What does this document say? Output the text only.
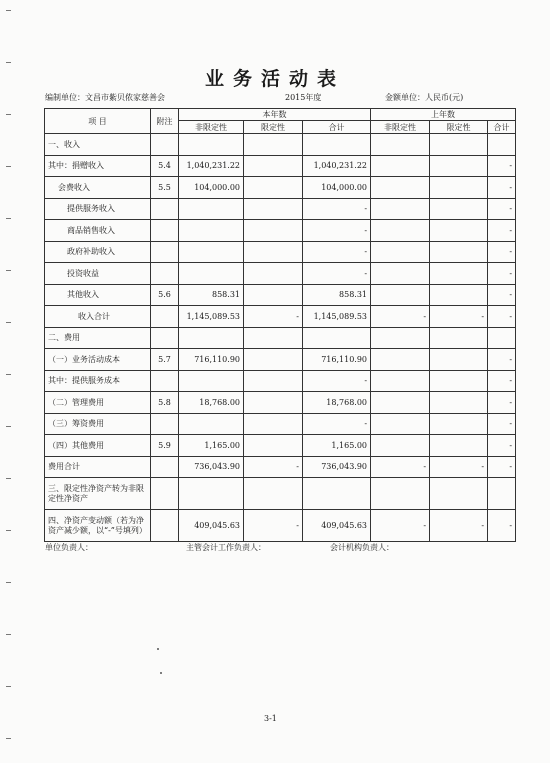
业务活动表
编制单位：文昌市紫贝侬家慈善会	2015年度	金额单位：人民币(元)
项 目	附注	本年数			上年数		
		非限定性	限定性	合计	非限定性	限定性	合计
一、收入							
其中：捐赠收入	5.4	1,040,231.22		1,040,231.22			-
会费收入	5.5	104,000.00		104,000.00			-
提供服务收入				-			-
商品销售收入				-			-
政府补助收入				-			-
投资收益				-			-
其他收入	5.6	858.31		858.31			-
收入合计		1,145,089.53	-	1,145,089.53	-	-	-
二、费用							
（一）业务活动成本	5.7	716,110.90		716,110.90			-
其中：提供服务成本				-			-
（二）管理费用	5.8	18,768.00		18,768.00			-
（三）筹资费用				-			-
（四）其他费用	5.9	1,165.00		1,165.00			-
费用合计		736,043.90	-	736,043.90	-	-	-
三、限定性净资产转为非限定性净资产							
四、净资产变动额（若为净资产减少额，以“-”号填列）		409,045.63	-	409,045.63	-	-	-
单位负责人：	主管会计工作负责人：	会计机构负责人：
3-1
